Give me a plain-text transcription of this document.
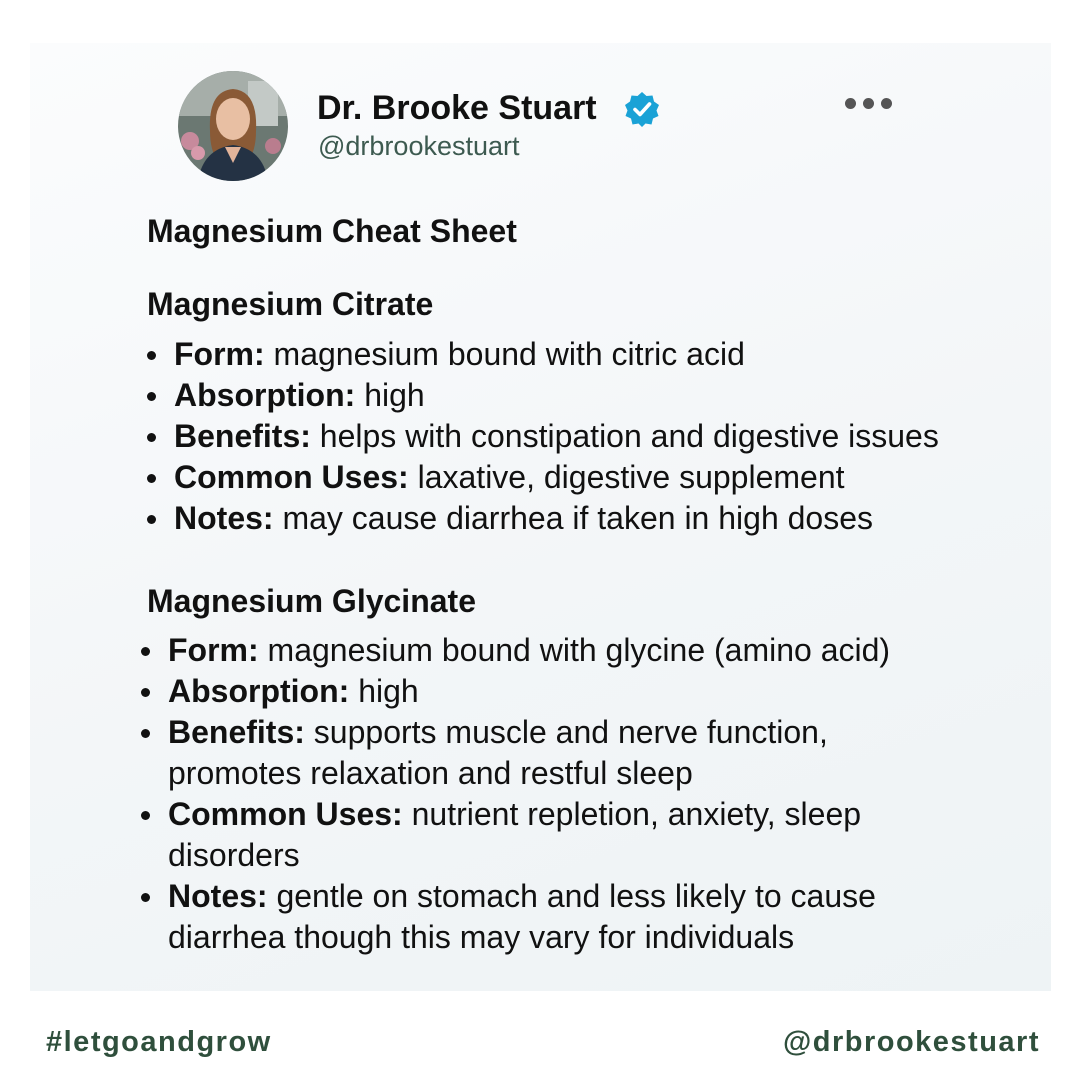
Dr. Brooke Stuart
@drbrookestuart
Magnesium Cheat Sheet
Magnesium Citrate
Form: magnesium bound with citric acid
Absorption: high
Benefits: helps with constipation and digestive issues
Common Uses: laxative, digestive supplement
Notes: may cause diarrhea if taken in high doses
Magnesium Glycinate
Form: magnesium bound with glycine (amino acid)
Absorption: high
Benefits: supports muscle and nerve function, promotes relaxation and restful sleep
Common Uses: nutrient repletion, anxiety, sleep disorders
Notes: gentle on stomach and less likely to cause diarrhea though this may vary for individuals
#letgoandgrow	@drbrookestuart
